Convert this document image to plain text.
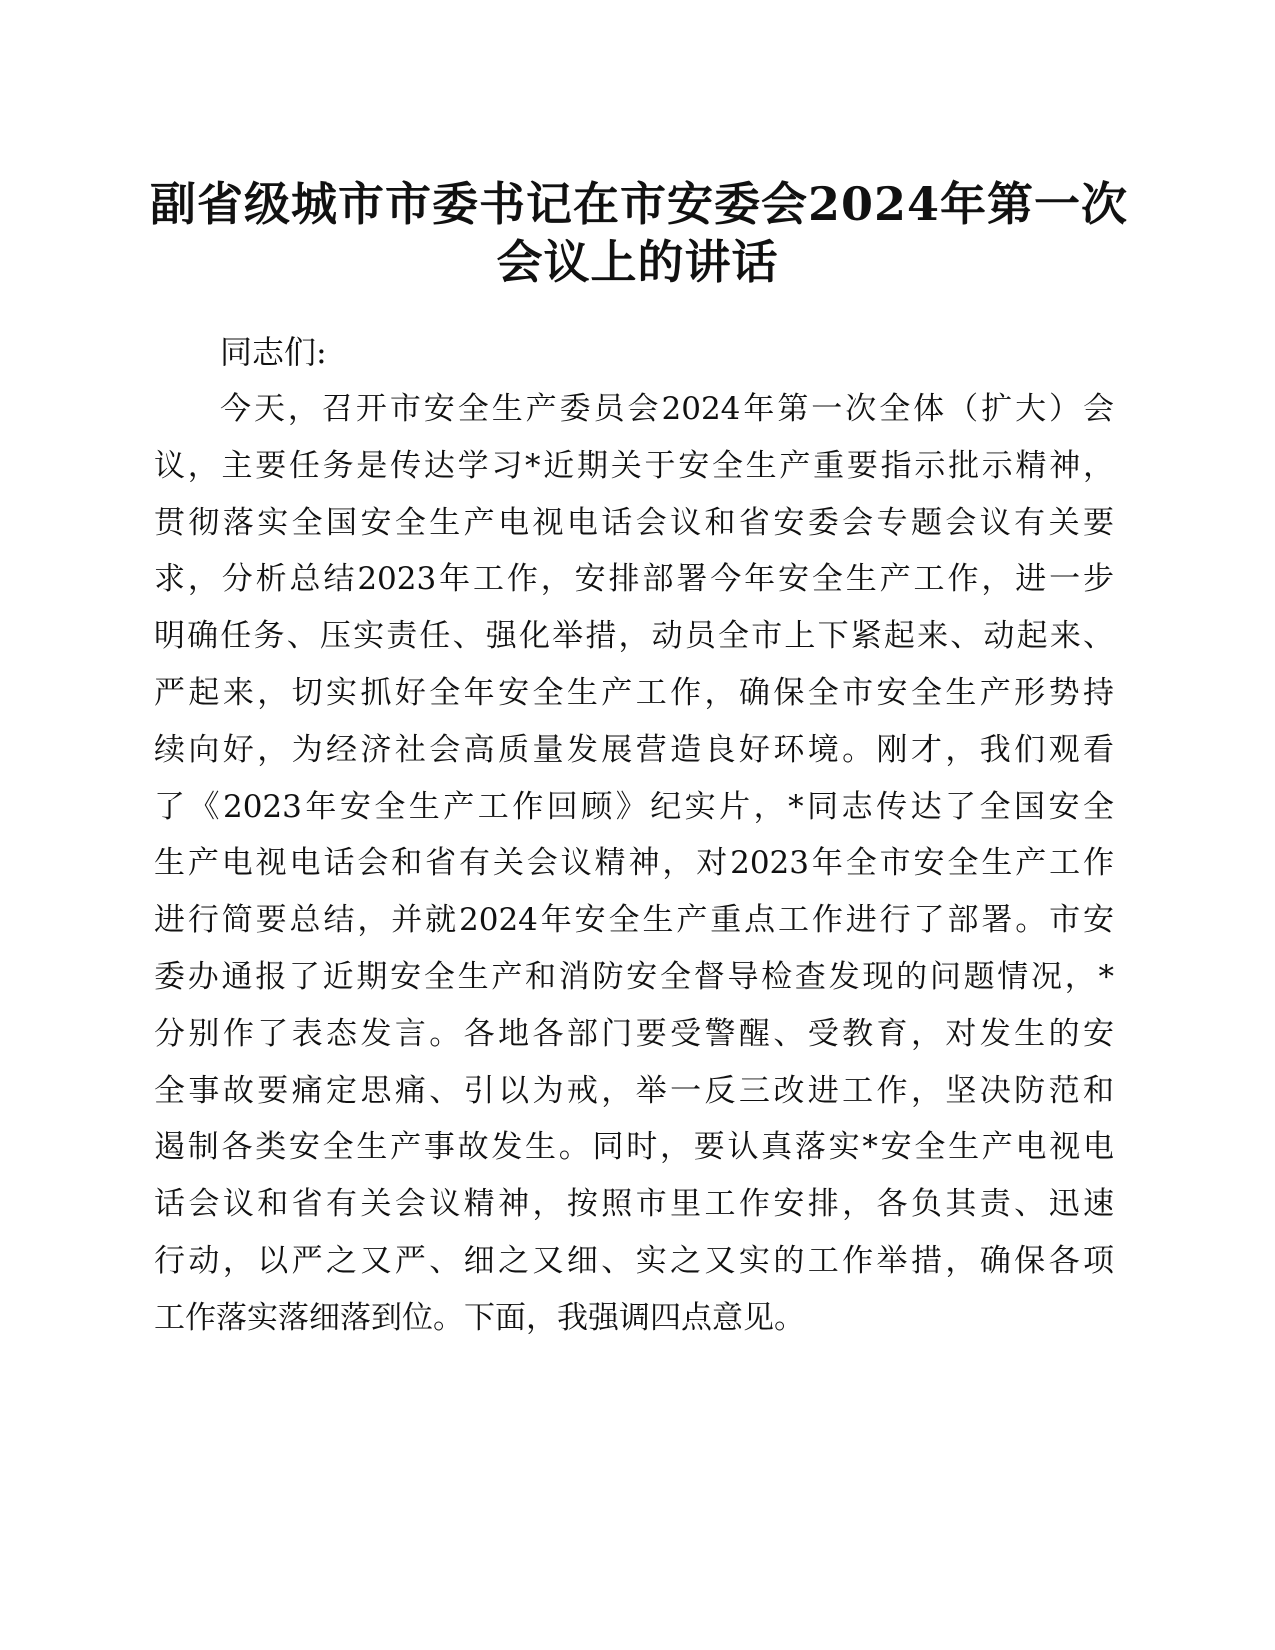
副省级城市市委书记在市安委会2024年第一次
会议上的讲话

同志们:

今天，召开市安全生产委员会2024年第一次全体（扩大）会
议，主要任务是传达学习*近期关于安全生产重要指示批示精神，
贯彻落实全国安全生产电视电话会议和省安委会专题会议有关要
求，分析总结2023年工作，安排部署今年安全生产工作，进一步
明确任务、压实责任、强化举措，动员全市上下紧起来、动起来、
严起来，切实抓好全年安全生产工作，确保全市安全生产形势持
续向好，为经济社会高质量发展营造良好环境。刚才，我们观看
了《2023年安全生产工作回顾》纪实片，*同志传达了全国安全
生产电视电话会和省有关会议精神，对2023年全市安全生产工作
进行简要总结，并就2024年安全生产重点工作进行了部署。市安
委办通报了近期安全生产和消防安全督导检查发现的问题情况，*
分别作了表态发言。各地各部门要受警醒、受教育，对发生的安
全事故要痛定思痛、引以为戒，举一反三改进工作，坚决防范和
遏制各类安全生产事故发生。同时，要认真落实*安全生产电视电
话会议和省有关会议精神，按照市里工作安排，各负其责、迅速
行动，以严之又严、细之又细、实之又实的工作举措，确保各项
工作落实落细落到位。下面，我强调四点意见。
